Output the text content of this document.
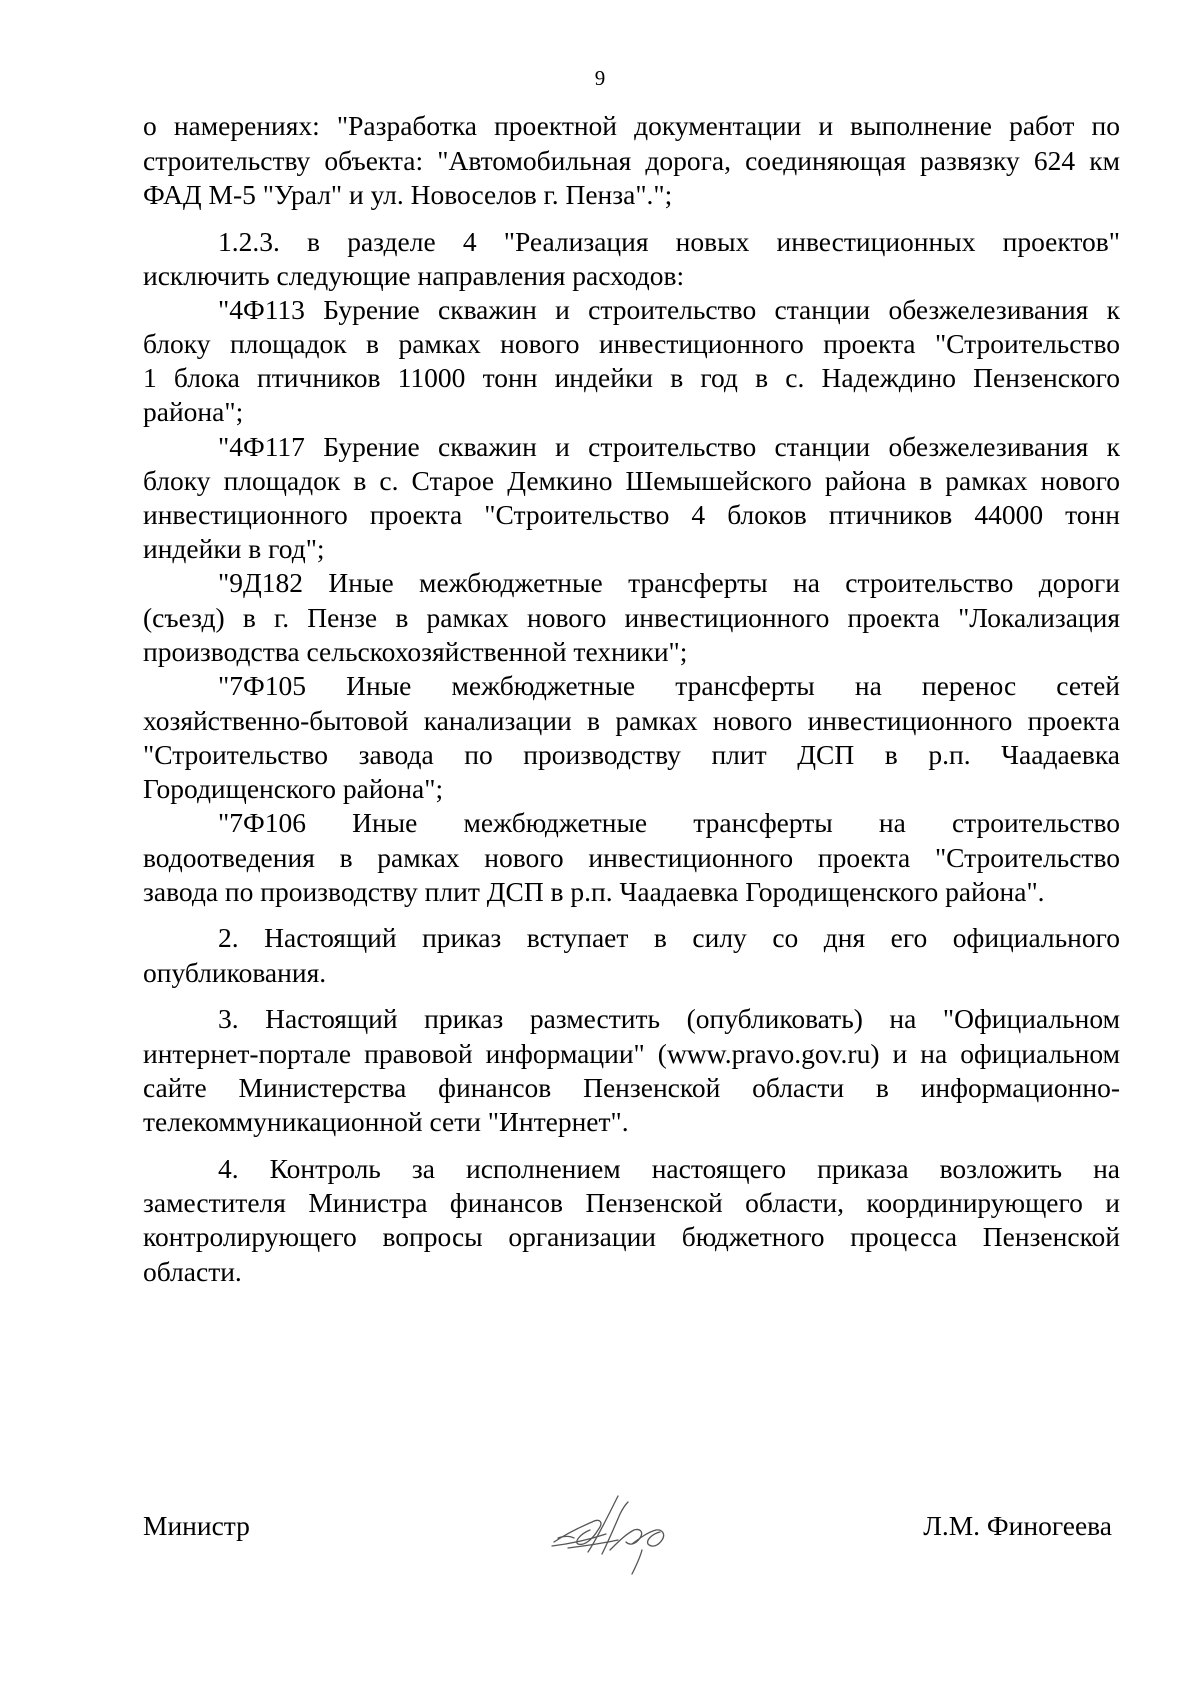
9
о намерениях: "Разработка проектной документации и выполнение работ по
строительству объекта: "Автомобильная дорога, соединяющая развязку 624 км
ФАД М-5 "Урал" и ул. Новоселов г. Пенза".";
1.2.3. в разделе 4 "Реализация новых инвестиционных проектов"
исключить следующие направления расходов:
"4Ф113 Бурение скважин и строительство станции обезжелезивания к
блоку площадок в рамках нового инвестиционного проекта "Строительство
1 блока птичников 11000 тонн индейки в год в с. Надеждино Пензенского
района";
"4Ф117 Бурение скважин и строительство станции обезжелезивания к
блоку площадок в с. Старое Демкино Шемышейского района в рамках нового
инвестиционного проекта "Строительство 4 блоков птичников 44000 тонн
индейки в год";
"9Д182 Иные межбюджетные трансферты на строительство дороги
(съезд) в г. Пензе в рамках нового инвестиционного проекта "Локализация
производства сельскохозяйственной техники";
"7Ф105 Иные межбюджетные трансферты на перенос сетей
хозяйственно-бытовой канализации в рамках нового инвестиционного проекта
"Строительство завода по производству плит ДСП в р.п. Чаадаевка
Городищенского района";
"7Ф106 Иные межбюджетные трансферты на строительство
водоотведения в рамках нового инвестиционного проекта "Строительство
завода по производству плит ДСП в р.п. Чаадаевка Городищенского района".
2. Настоящий приказ вступает в силу со дня его официального
опубликования.
3. Настоящий приказ разместить (опубликовать) на "Официальном
интернет-портале правовой информации" (www.pravo.gov.ru) и на официальном
сайте Министерства финансов Пензенской области в информационно-
телекоммуникационной сети "Интернет".
4. Контроль за исполнением настоящего приказа возложить на
заместителя Министра финансов Пензенской области, координирующего и
контролирующего вопросы организации бюджетного процесса Пензенской
области.
Министр	Л.М. Финогеева
